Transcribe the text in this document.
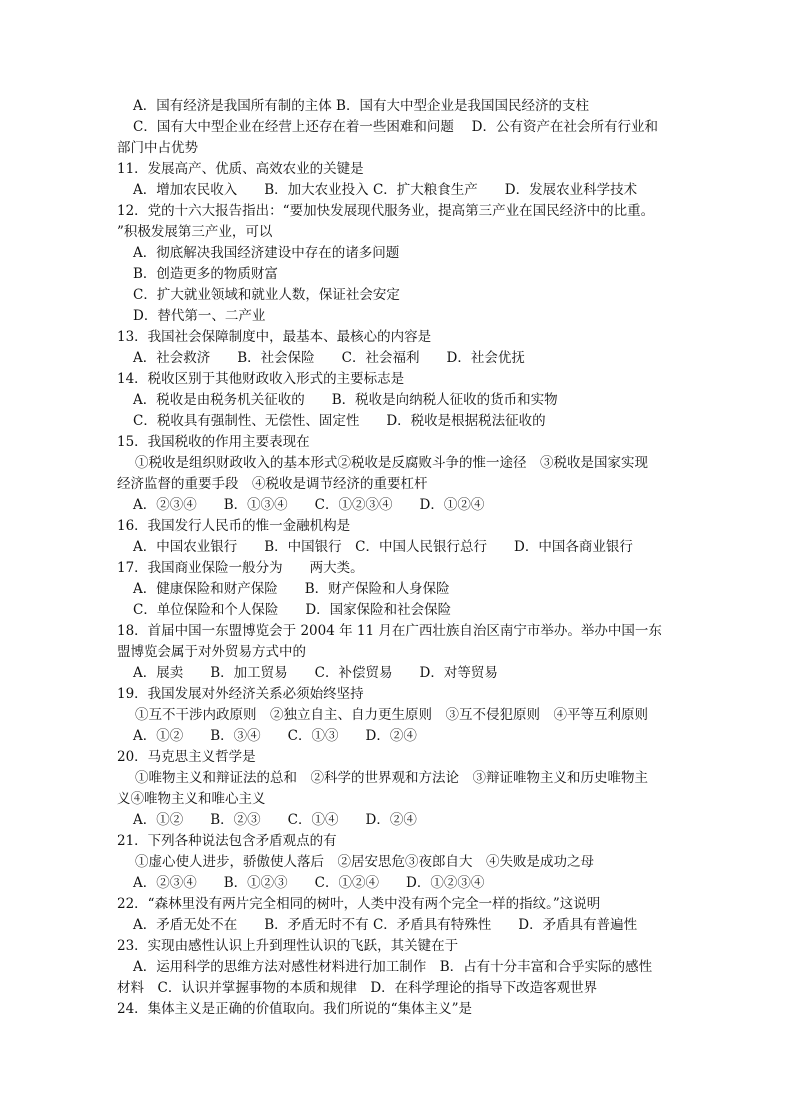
A．国有经济是我国所有制的主体 B．国有大中型企业是我国国民经济的支柱
C．国有大中型企业在经营上还存在着一些困难和问题　 D．公有资产在社会所有行业和
部门中占优势
11．发展高产、优质、高效农业的关键是
A．增加农民收入　　B．加大农业投入 C．扩大粮食生产　　D．发展农业科学技术
12．党的十六大报告指出：“要加快发展现代服务业，提高第三产业在国民经济中的比重。
”积极发展第三产业，可以
A．彻底解决我国经济建设中存在的诸多问题
B．创造更多的物质财富
C．扩大就业领域和就业人数，保证社会安定
D．替代第一、二产业
13．我国社会保障制度中，最基本、最核心的内容是
A．社会救济　　B．社会保险　　C．社会福利　　D．社会优抚
14．税收区别于其他财政收入形式的主要标志是
A．税收是由税务机关征收的　　B．税收是向纳税人征收的货币和实物
C．税收具有强制性、无偿性、固定性　　D．税收是根据税法征收的
15．我国税收的作用主要表现在
①税收是组织财政收入的基本形式②税收是反腐败斗争的惟一途径　③税收是国家实现
经济监督的重要手段　④税收是调节经济的重要杠杆
A．②③④　　B．①③④　　C．①②③④　　D．①②④
16．我国发行人民币的惟一金融机构是
A．中国农业银行　　B．中国银行　C．中国人民银行总行　　D．中国各商业银行
17．我国商业保险一般分为　　两大类。
A．健康保险和财产保险　　B．财产保险和人身保险
C．单位保险和个人保险　　D．国家保险和社会保险
18．首届中国一东盟博览会于 2004 年 11 月在广西壮族自治区南宁市举办。举办中国一东
盟博览会属于对外贸易方式中的
A．展卖　　B．加工贸易　　C．补偿贸易　　D．对等贸易
19．我国发展对外经济关系必须始终坚持
①互不干涉内政原则　②独立自主、自力更生原则　③互不侵犯原则　④平等互利原则
A．①②　　B．③④　　C．①③　　D．②④
20．马克思主义哲学是
①唯物主义和辩证法的总和　②科学的世界观和方法论　③辩证唯物主义和历史唯物主
义④唯物主义和唯心主义
A．①②　　B．②③　　C．①④　　D．②④
21．下列各种说法包含矛盾观点的有
①虚心使人进步，骄傲使人落后　②居安思危③夜郎自大　④失败是成功之母
A．②③④　　B．①②③　　C．①②④　　D．①②③④
22．“森林里没有两片完全相同的树叶，人类中没有两个完全一样的指纹。”这说明
A．矛盾无处不在　　B．矛盾无时不有 C．矛盾具有特殊性　　D．矛盾具有普遍性
23．实现由感性认识上升到理性认识的飞跃，其关键在于
A．运用科学的思维方法对感性材料进行加工制作　B．占有十分丰富和合乎实际的感性
材料　C．认识并掌握事物的本质和规律　D．在科学理论的指导下改造客观世界
24．集体主义是正确的价值取向。我们所说的“集体主义”是
